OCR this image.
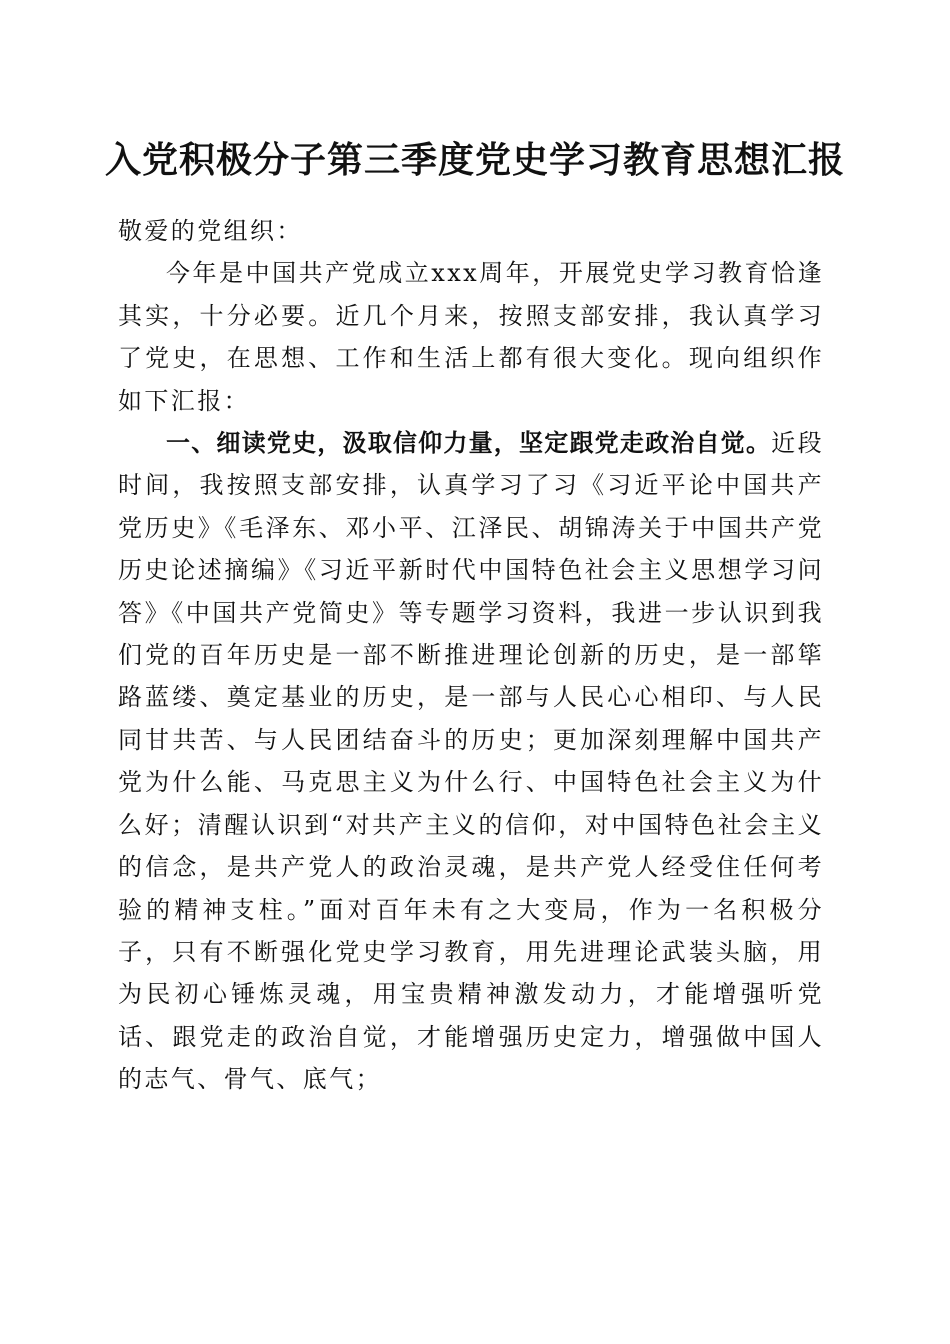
入党积极分子第三季度党史学习教育思想汇报

敬爱的党组织：

今年是中国共产党成立xxx周年，开展党史学习教育恰逢其实，十分必要。近几个月来，按照支部安排，我认真学习了党史，在思想、工作和生活上都有很大变化。现向组织作如下汇报：

一、细读党史，汲取信仰力量，坚定跟党走政治自觉。近段时间，我按照支部安排，认真学习了习《习近平论中国共产党历史》《毛泽东、邓小平、江泽民、胡锦涛关于中国共产党历史论述摘编》《习近平新时代中国特色社会主义思想学习问答》《中国共产党简史》等专题学习资料，我进一步认识到我们党的百年历史是一部不断推进理论创新的历史，是一部筚路蓝缕、奠定基业的历史，是一部与人民心心相印、与人民同甘共苦、与人民团结奋斗的历史；更加深刻理解中国共产党为什么能、马克思主义为什么行、中国特色社会主义为什么好；清醒认识到“对共产主义的信仰，对中国特色社会主义的信念，是共产党人的政治灵魂，是共产党人经受住任何考验的精神支柱。”面对百年未有之大变局，作为一名积极分子，只有不断强化党史学习教育，用先进理论武装头脑，用为民初心锤炼灵魂，用宝贵精神激发动力，才能增强听党话、跟党走的政治自觉，才能增强历史定力，增强做中国人的志气、骨气、底气；
